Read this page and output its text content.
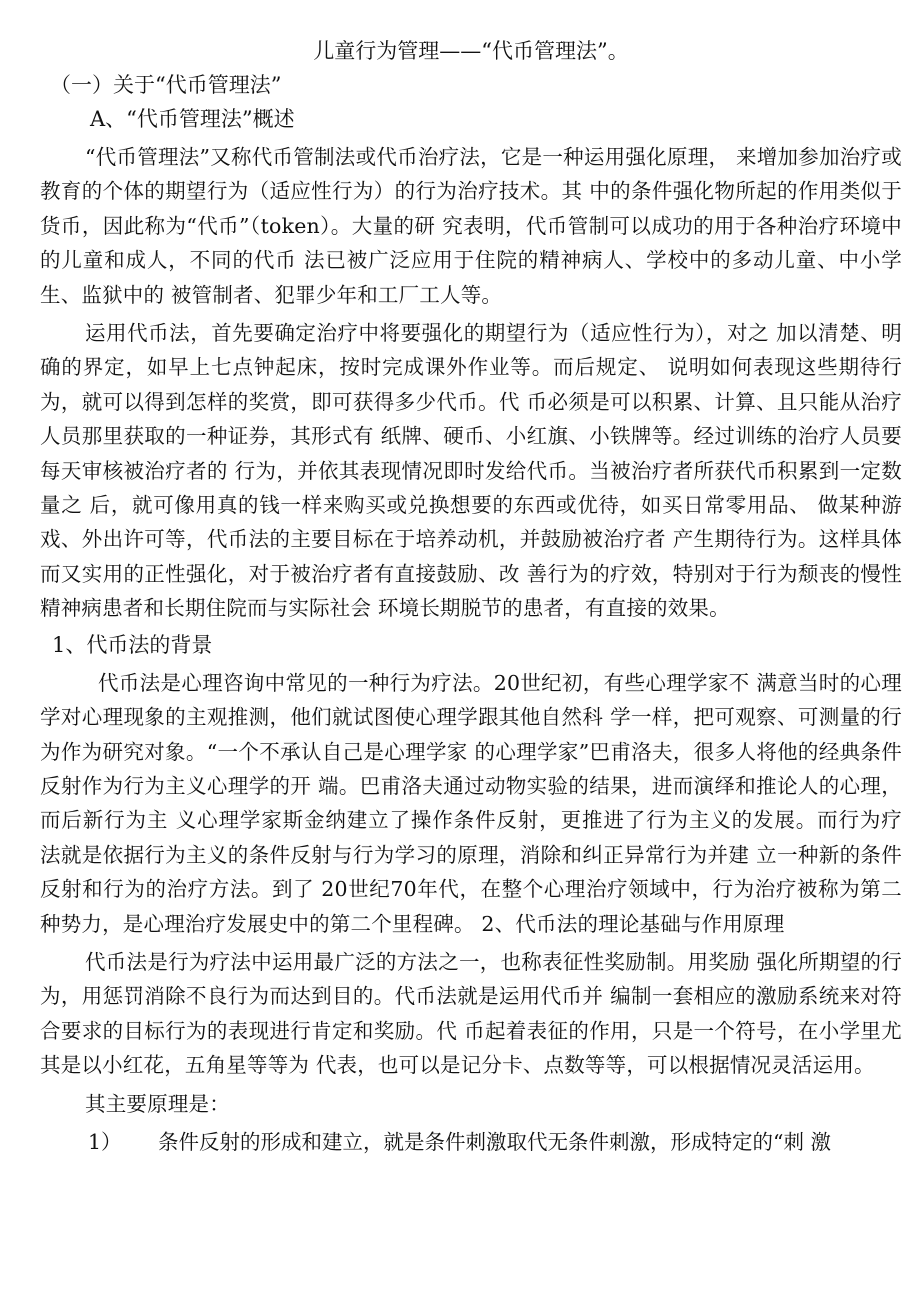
儿童行为管理——“代币管理法”。
（一）关于“代币管理法”
A、“代币管理法”概述

“代币管理法”又称代币管制法或代币治疗法，它是一种运用强化原理， 来增加参加治疗或教育的个体的期望行为（适应性行为）的行为治疗技术。其 中的条件强化物所起的作用类似于货币，因此称为“代币”（token）。大量的研 究表明，代币管制可以成功的用于各种治疗环境中的儿童和成人，不同的代币 法已被广泛应用于住院的精神病人、学校中的多动儿童、中小学生、监狱中的 被管制者、犯罪少年和工厂工人等。

运用代币法，首先要确定治疗中将要强化的期望行为（适应性行为），对之 加以清楚、明确的界定，如早上七点钟起床，按时完成课外作业等。而后规定、 说明如何表现这些期待行为，就可以得到怎样的奖赏，即可获得多少代币。代 币必须是可以积累、计算、且只能从治疗人员那里获取的一种证券，其形式有 纸牌、硬币、小红旗、小铁牌等。经过训练的治疗人员要每天审核被治疗者的 行为，并依其表现情况即时发给代币。当被治疗者所获代币积累到一定数量之 后，就可像用真的钱一样来购买或兑换想要的东西或优待，如买日常零用品、 做某种游戏、外出许可等，代币法的主要目标在于培养动机，并鼓励被治疗者 产生期待行为。这样具体而又实用的正性强化，对于被治疗者有直接鼓励、改 善行为的疗效，特别对于行为颓丧的慢性精神病患者和长期住院而与实际社会 环境长期脱节的患者，有直接的效果。

1、代币法的背景

代币法是心理咨询中常见的一种行为疗法。20世纪初，有些心理学家不 满意当时的心理学对心理现象的主观推测，他们就试图使心理学跟其他自然科 学一样，把可观察、可测量的行为作为研究对象。“一个不承认自己是心理学家 的心理学家”巴甫洛夫，很多人将他的经典条件反射作为行为主义心理学的开 端。巴甫洛夫通过动物实验的结果，进而演绎和推论人的心理，而后新行为主 义心理学家斯金纳建立了操作条件反射，更推进了行为主义的发展。而行为疗 法就是依据行为主义的条件反射与行为学习的原理，消除和纠正异常行为并建 立一种新的条件反射和行为的治疗方法。到了 20世纪70年代，在整个心理治疗领域中，行为治疗被称为第二种势力，是心理治疗发展史中的第二个里程碑。 2、代币法的理论基础与作用原理

代币法是行为疗法中运用最广泛的方法之一，也称表征性奖励制。用奖励 强化所期望的行为，用惩罚消除不良行为而达到目的。代币法就是运用代币并 编制一套相应的激励系统来对符合要求的目标行为的表现进行肯定和奖励。代 币起着表征的作用，只是一个符号，在小学里尤其是以小红花，五角星等等为 代表，也可以是记分卡、点数等等，可以根据情况灵活运用。

其主要原理是：

1） 条件反射的形成和建立，就是条件刺激取代无条件刺激，形成特定的“刺 激
